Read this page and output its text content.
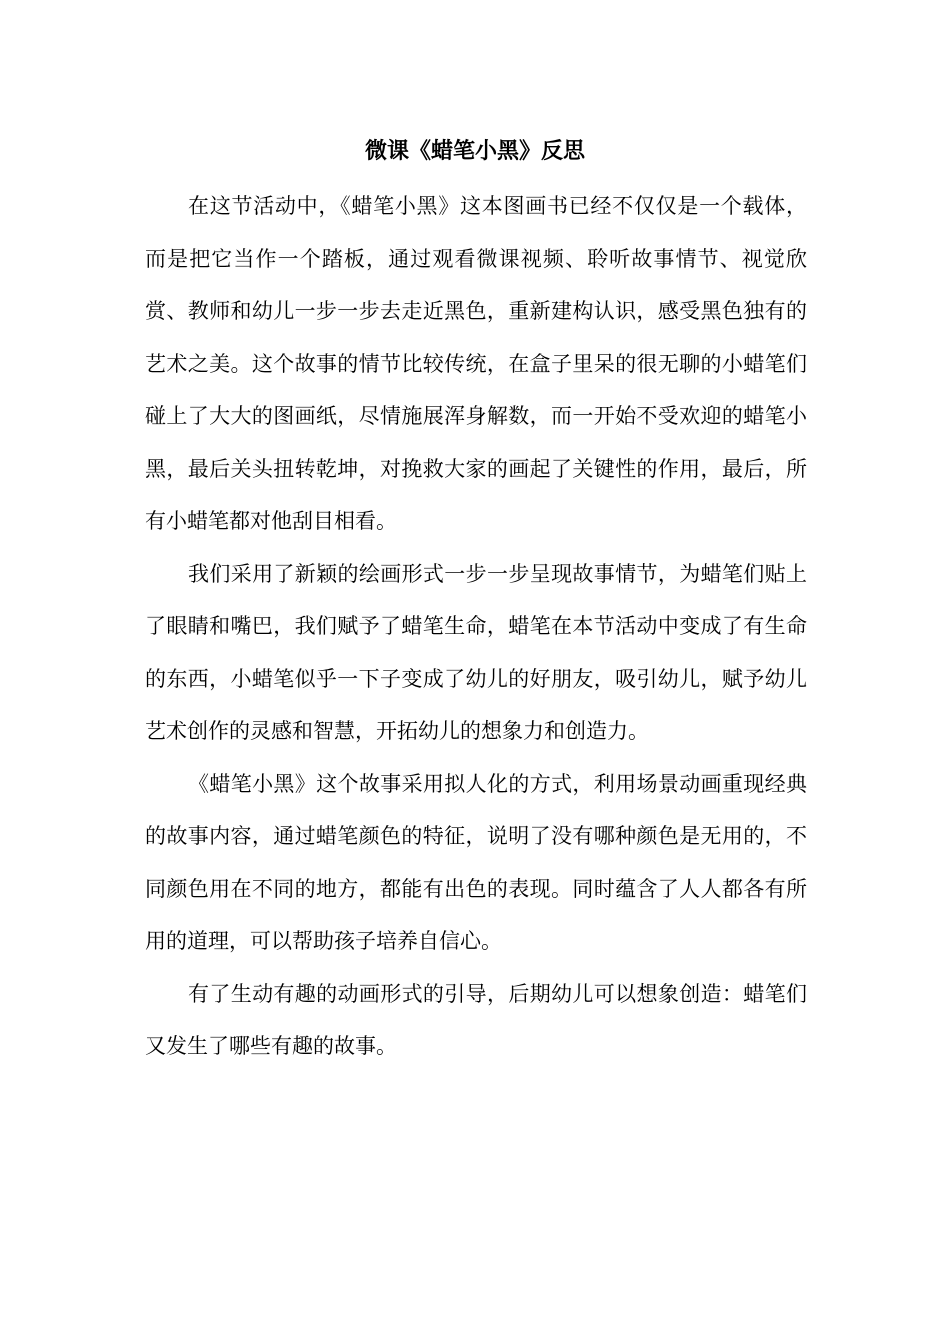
微课《蜡笔小黑》反思

在这节活动中，《蜡笔小黑》这本图画书已经不仅仅是一个载体，而是把它当作一个踏板，通过观看微课视频、聆听故事情节、视觉欣赏、教师和幼儿一步一步去走近黑色，重新建构认识，感受黑色独有的艺术之美。这个故事的情节比较传统，在盒子里呆的很无聊的小蜡笔们碰上了大大的图画纸，尽情施展浑身解数，而一开始不受欢迎的蜡笔小黑，最后关头扭转乾坤，对挽救大家的画起了关键性的作用，最后，所有小蜡笔都对他刮目相看。

我们采用了新颖的绘画形式一步一步呈现故事情节，为蜡笔们贴上了眼睛和嘴巴，我们赋予了蜡笔生命，蜡笔在本节活动中变成了有生命的东西，小蜡笔似乎一下子变成了幼儿的好朋友，吸引幼儿，赋予幼儿艺术创作的灵感和智慧，开拓幼儿的想象力和创造力。

《蜡笔小黑》这个故事采用拟人化的方式，利用场景动画重现经典的故事内容，通过蜡笔颜色的特征，说明了没有哪种颜色是无用的，不同颜色用在不同的地方，都能有出色的表现。同时蕴含了人人都各有所用的道理，可以帮助孩子培养自信心。

有了生动有趣的动画形式的引导，后期幼儿可以想象创造：蜡笔们又发生了哪些有趣的故事。
